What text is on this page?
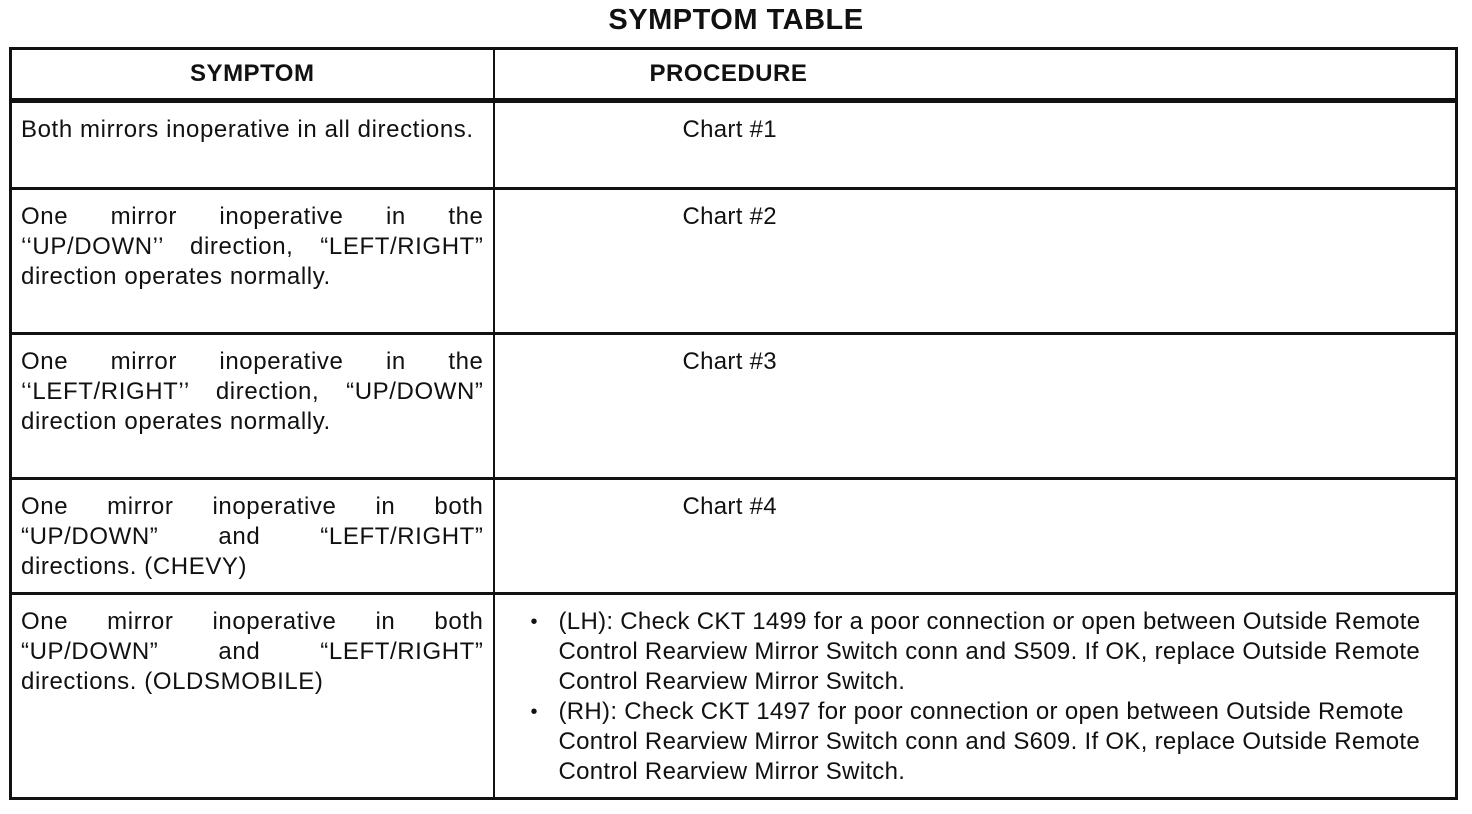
SYMPTOM TABLE
SYMPTOM	PROCEDURE
Both mirrors inoperative in all directions.	Chart #1
One mirror inoperative in the ‘‘UP/DOWN’’ direction, “LEFT/RIGHT” direction operates normally.	Chart #2
One mirror inoperative in the ‘‘LEFT/RIGHT’’ direction, “UP/DOWN” direction operates normally.	Chart #3
One mirror inoperative in both “UP/DOWN” and “LEFT/RIGHT” directions. (CHEVY)	Chart #4
One mirror inoperative in both “UP/DOWN” and “LEFT/RIGHT” directions. (OLDSMOBILE)	• (LH): Check CKT 1499 for a poor connection or open between Outside Remote Control Rearview Mirror Switch conn and S509. If OK, replace Outside Remote Control Rearview Mirror Switch.
• (RH): Check CKT 1497 for poor connection or open between Outside Remote Control Rearview Mirror Switch conn and S609. If OK, replace Outside Remote Control Rearview Mirror Switch.
